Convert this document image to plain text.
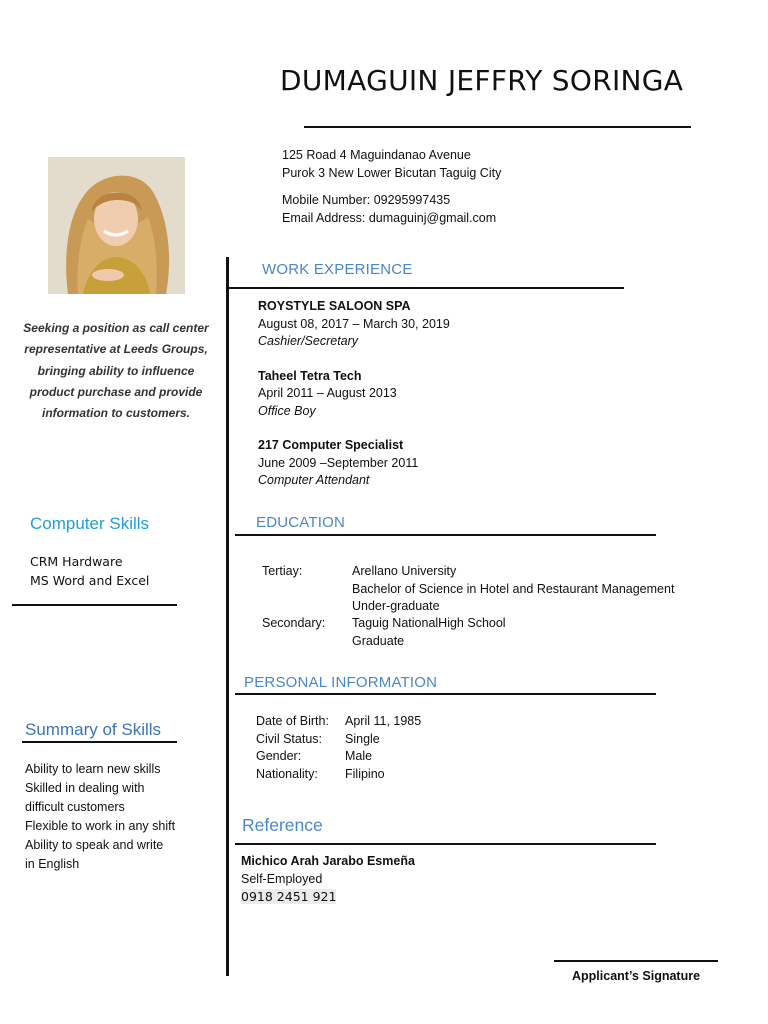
DUMAGUIN JEFFRY SORINGA
125 Road 4 Maguindanao Avenue
Purok 3 New Lower Bicutan Taguig City
Mobile Number: 09295997435
Email Address: dumaguinj@gmail.com
Seeking a position as call center representative at Leeds Groups, bringing ability to influence product purchase and provide information to customers.
Computer Skills
CRM Hardware
MS Word and Excel
Summary of Skills
Ability to learn new skills
Skilled in dealing with
difficult customers
Flexible to work in any shift
Ability to speak and write
in English
WORK EXPERIENCE
ROYSTYLE SALOON SPA
August 08, 2017 – March 30, 2019
Cashier/Secretary
Taheel Tetra Tech
April 2011 – August 2013
Office Boy
217 Computer Specialist
June 2009 –September 2011
Computer Attendant
EDUCATION
Tertiay:	Arellano University
Bachelor of Science in Hotel and Restaurant Management
Under-graduate
Secondary: Taguig NationalHigh School
Graduate
PERSONAL INFORMATION
Date of Birth:
Civil Status:
Gender:
Nationality:
April 11, 1985
Single
Male
Filipino
Reference
Michico Arah Jarabo Esmeña
Self-Employed
0918 2451 921
Applicant’s Signature
